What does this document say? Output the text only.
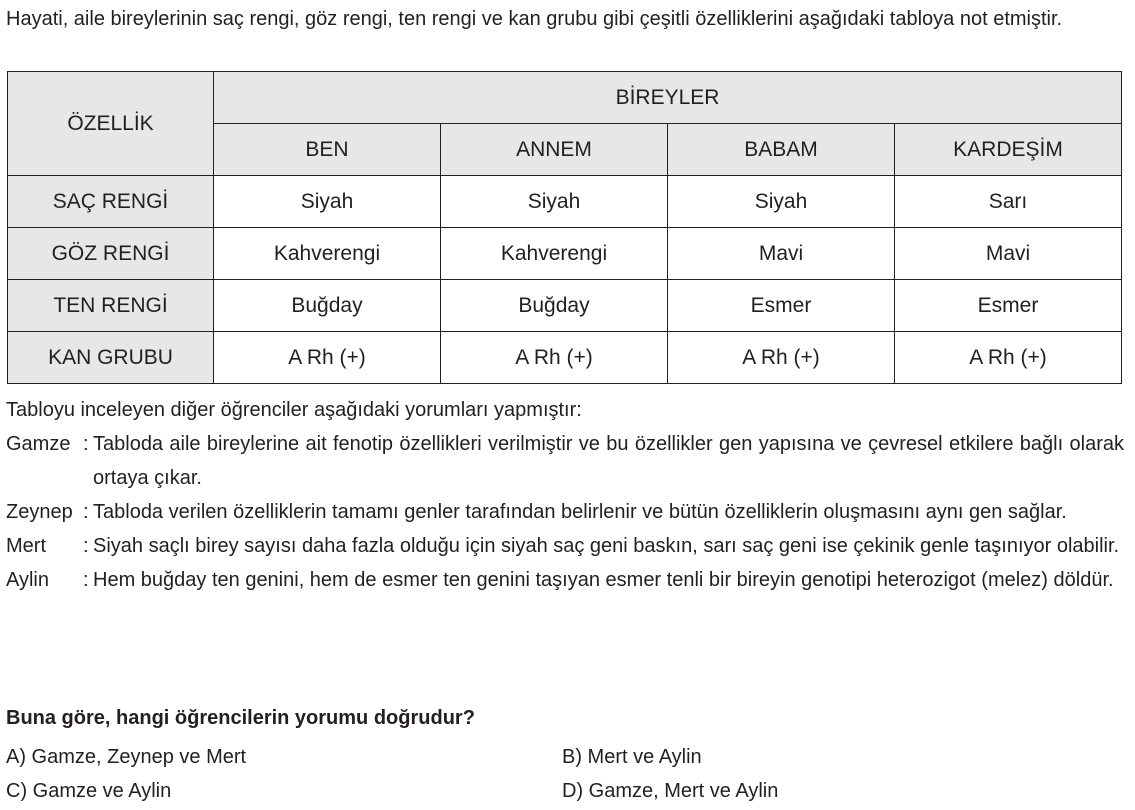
Hayati, aile bireylerinin saç rengi, göz rengi, ten rengi ve kan grubu gibi çeşitli özelliklerini aşağıdaki tabloya not etmiştir.
ÖZELLİK	BİREYLER			
	BEN	ANNEM	BABAM	KARDEŞİM
SAÇ RENGİ	Siyah	Siyah	Siyah	Sarı
GÖZ RENGİ	Kahverengi	Kahverengi	Mavi	Mavi
TEN RENGİ	Buğday	Buğday	Esmer	Esmer
KAN GRUBU	A Rh (+)	A Rh (+)	A Rh (+)	A Rh (+)
Tabloyu inceleyen diğer öğrenciler aşağıdaki yorumları yapmıştır:
Gamze : Tabloda aile bireylerine ait fenotip özellikleri verilmiştir ve bu özellikler gen yapısına ve çevresel etkilere bağlı olarak ortaya çıkar.
Zeynep : Tabloda verilen özelliklerin tamamı genler tarafından belirlenir ve bütün özelliklerin oluşmasını aynı gen sağlar.
Mert	: Siyah saçlı birey sayısı daha fazla olduğu için siyah saç geni baskın, sarı saç geni ise çekinik genle taşınıyor olabilir.
Aylin	: Hem buğday ten genini, hem de esmer ten genini taşıyan esmer tenli bir bireyin genotipi heterozigot (melez) döldür.
Buna göre, hangi öğrencilerin yorumu doğrudur?
A) Gamze, Zeynep ve Mert	B) Mert ve Aylin
C) Gamze ve Aylin	D) Gamze, Mert ve Aylin
